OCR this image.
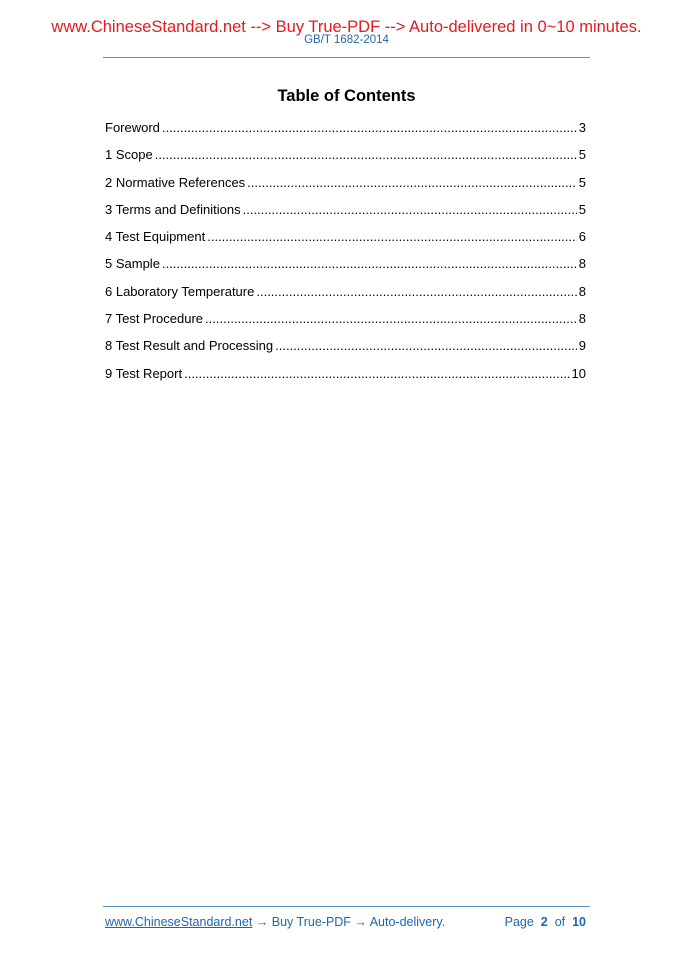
www.ChineseStandard.net --> Buy True-PDF --> Auto-delivered in 0~10 minutes.
GB/T 1682-2014
Table of Contents
Foreword .....	3
1 Scope .....	5
2 Normative References .....	5
3 Terms and Definitions .....	5
4 Test Equipment .....	6
5 Sample .....	8
6 Laboratory Temperature .....	8
7 Test Procedure .....	8
8 Test Result and Processing .....	9
9 Test Report .....	10
www.ChineseStandard.net → Buy True-PDF → Auto-delivery.	Page 2 of 10
